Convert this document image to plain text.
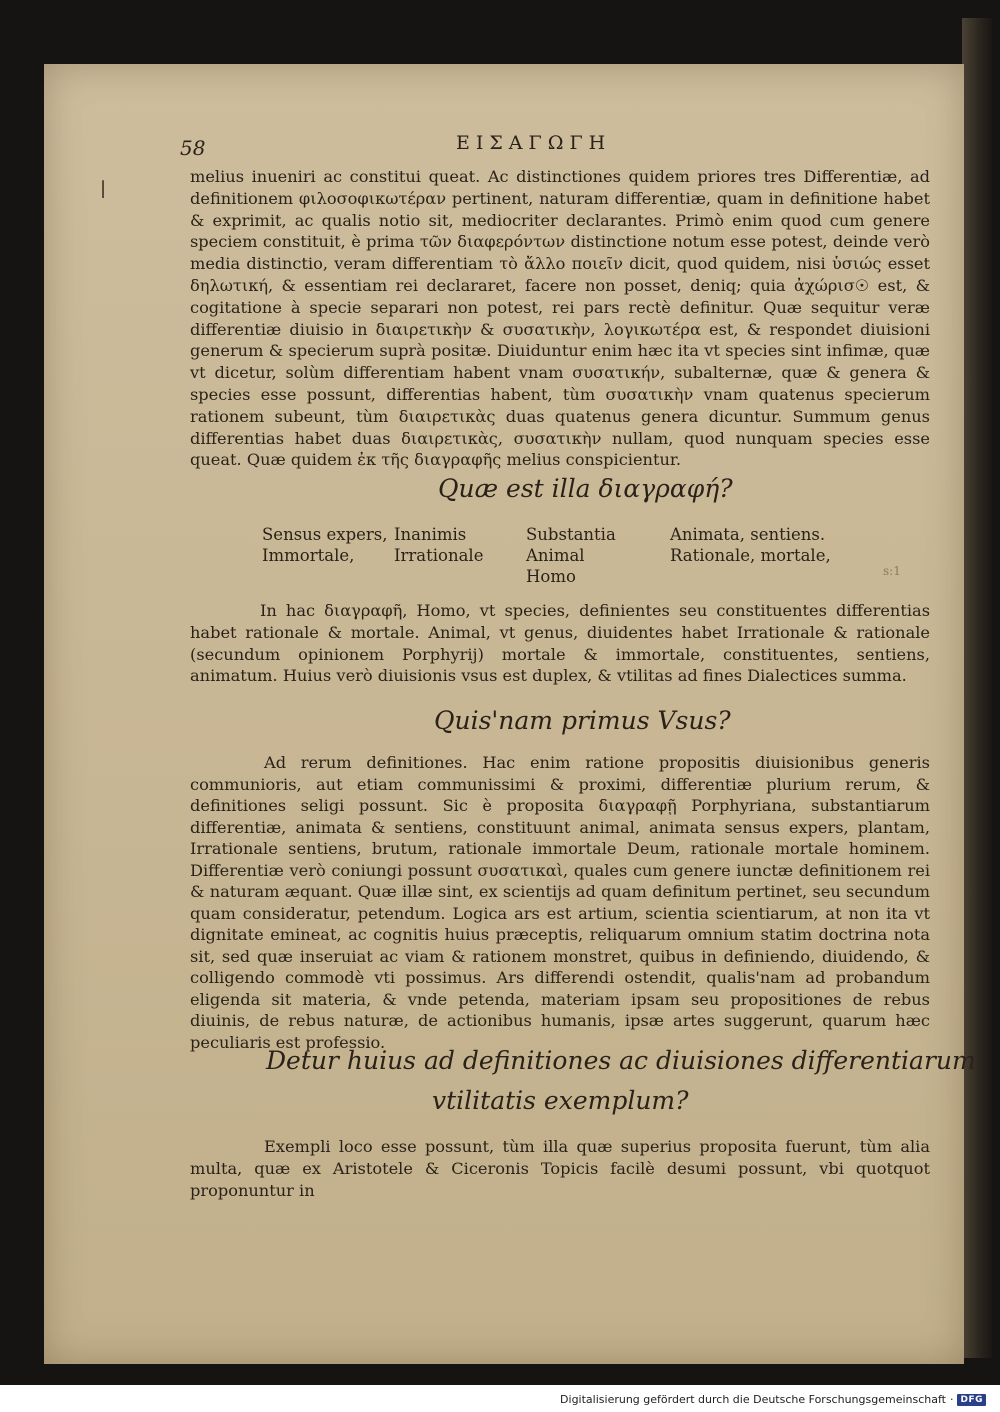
|
58	ΕΙΣΑΓΩΓΗ

melius inueniri ac constitui queat. Ac distinctiones quidem priores tres Differentiæ, ad definitionem φιλοσοφικωτέραν pertinent, naturam differentiæ, quam in definitione habet & exprimit, ac qualis notio sit, mediocriter declarantes. Primò enim quod cum genere speciem constituit, è prima τῶν διαφερόντων distinctione notum esse potest, deinde verò media distinctio, veram differentiam τὸ ἄλλο ποιεῖν dicit, quod quidem, nisi ὑσιώς esset δηλωτική, & essentiam rei declararet, facere non posset, deniq; quia ἀχώρισ☉ est, & cogitatione à specie separari non potest, rei pars rectè definitur. Quæ sequitur veræ differentiæ diuisio in διαιρετικὴν & συσατικὴν, λογικωτέρα est, & respondet diuisioni generum & specierum suprà positæ. Diuiduntur enim hæc ita vt species sint infimæ, quæ vt dicetur, solùm differentiam habent vnam συσατικήν, subalternæ, quæ & genera & species esse possunt, differentias habent, tùm συσατικὴν vnam quatenus specierum rationem subeunt, tùm διαιρετικὰς duas quatenus genera dicuntur. Summum genus differentias habet duas διαιρετικὰς, συσατικὴν nullam, quod nunquam species esse queat. Quæ quidem ἐκ τῆς διαγραφῆς melius conspicientur.

Quæ est illa διαγραφή?
Sensus expers,
Immortale,
Inanimis
Irrationale
Substantia
Animal
Homo
Animata, sentiens.
Rationale, mortale,
s:1

In hac διαγραφῆ, Homo, vt species, definientes seu constituentes differentias habet rationale & mortale. Animal, vt genus, diuidentes habet Irrationale & rationale (secundum opinionem Porphyrij) mortale & immortale, constituentes, sentiens, animatum. Huius verò diuisionis vsus est duplex, & vtilitas ad fines Dialectices summa.

Quis'nam primus Vsus?

Ad rerum definitiones. Hac enim ratione propositis diuisionibus generis communioris, aut etiam communissimi & proximi, differentiæ plurium rerum, & definitiones seligi possunt. Sic è proposita διαγραφῇ Porphyriana, substantiarum differentiæ, animata & sentiens, constituunt animal, animata sensus expers, plantam, Irrationale sentiens, brutum, rationale immortale Deum, rationale mortale hominem. Differentiæ verò coniungi possunt συσατικαὶ, quales cum genere iunctæ definitionem rei & naturam æquant. Quæ illæ sint, ex scientijs ad quam definitum pertinet, seu secundum quam consideratur, petendum. Logica ars est artium, scientia scientiarum, at non ita vt dignitate emineat, ac cognitis huius præceptis, reliquarum omnium statim doctrina nota sit, sed quæ inseruiat ac viam & rationem monstret, quibus in definiendo, diuidendo, & colligendo commodè vti possimus. Ars differendi ostendit, qualis'nam ad probandum eligenda sit materia, & vnde petenda, materiam ipsam seu propositiones de rebus diuinis, de rebus naturæ, de actionibus humanis, ipsæ artes suggerunt, quarum hæc peculiaris est professio.

Detur huius ad definitiones ac diuisiones differentiarum
vtilitatis exemplum?

Exempli loco esse possunt, tùm illa quæ superius proposita fuerunt, tùm alia multa, quæ ex Aristotele & Ciceronis Topicis facilè desumi possunt, vbi quotquot proponuntur in

Digitalisierung gefördert durch die Deutsche Forschungsgemeinschaft · DFG
